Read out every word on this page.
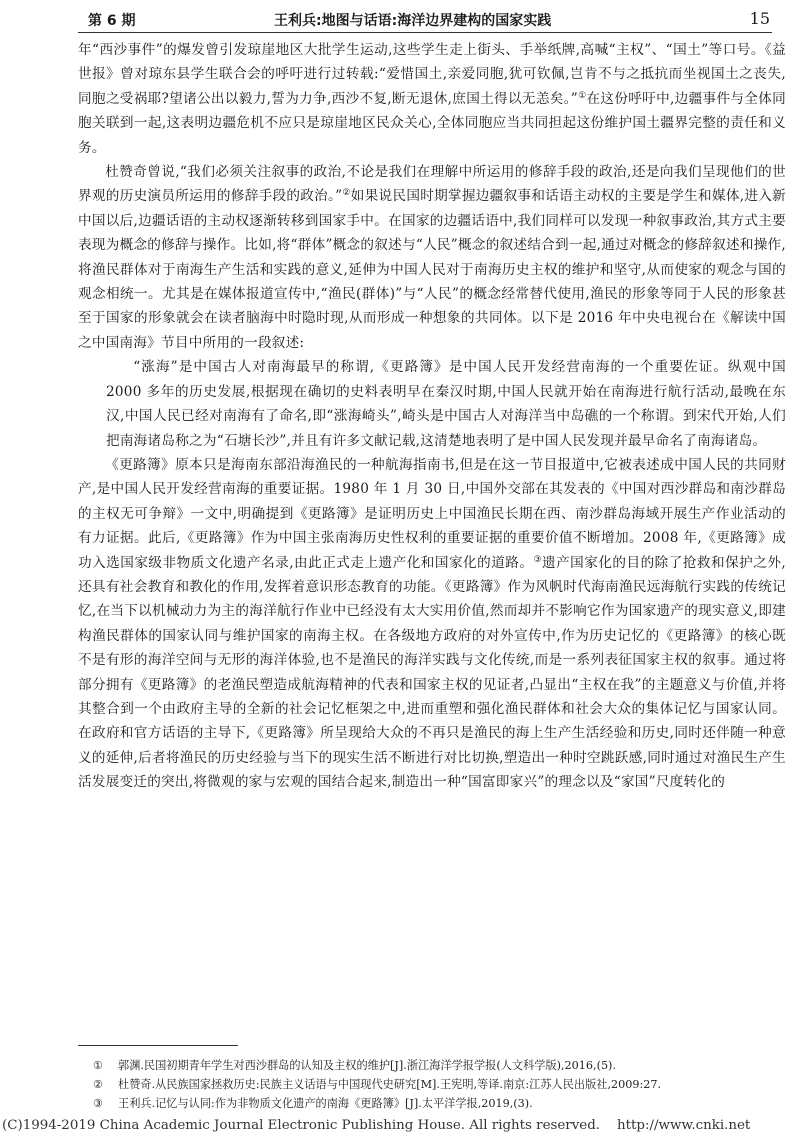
第 6 期	王利兵:地图与话语:海洋边界建构的国家实践	15

年“西沙事件”的爆发曾引发琼崖地区大批学生运动,这些学生走上街头、手举纸牌,高喊“主权”、“国土”等口号。《益世报》曾对琼东县学生联合会的呼吁进行过转载:“爱惜国土,亲爱同胞,犹可钦佩,岂肯不与之抵抗而坐视国土之丧失,同胞之受祸耶?望诸公出以毅力,誓为力争,西沙不复,断无退休,庶国土得以无恙矣。”①在这份呼吁中,边疆事件与全体同胞关联到一起,这表明边疆危机不应只是琼崖地区民众关心,全体同胞应当共同担起这份维护国土疆界完整的责任和义务。

杜赞奇曾说,“我们必须关注叙事的政治,不论是我们在理解中所运用的修辞手段的政治,还是向我们呈现他们的世界观的历史演员所运用的修辞手段的政治。”②如果说民国时期掌握边疆叙事和话语主动权的主要是学生和媒体,进入新中国以后,边疆话语的主动权逐渐转移到国家手中。在国家的边疆话语中,我们同样可以发现一种叙事政治,其方式主要表现为概念的修辞与操作。比如,将“群体”概念的叙述与“人民”概念的叙述结合到一起,通过对概念的修辞叙述和操作,将渔民群体对于南海生产生活和实践的意义,延伸为中国人民对于南海历史主权的维护和坚守,从而使家的观念与国的观念相统一。尤其是在媒体报道宣传中,“渔民(群体)”与“人民”的概念经常替代使用,渔民的形象等同于人民的形象甚至于国家的形象就会在读者脑海中时隐时现,从而形成一种想象的共同体。以下是 2016 年中央电视台在《解读中国之中国南海》节目中所用的一段叙述:

“涨海”是中国古人对南海最早的称谓,《更路簿》是中国人民开发经营南海的一个重要佐证。纵观中国 2000 多年的历史发展,根据现在确切的史料表明早在秦汉时期,中国人民就开始在南海进行航行活动,最晚在东汉,中国人民已经对南海有了命名,即“涨海崎头”,崎头是中国古人对海洋当中岛礁的一个称谓。到宋代开始,人们把南海诸岛称之为“石塘长沙”,并且有许多文献记载,这清楚地表明了是中国人民发现并最早命名了南海诸岛。

《更路簿》原本只是海南东部沿海渔民的一种航海指南书,但是在这一节目报道中,它被表述成中国人民的共同财产,是中国人民开发经营南海的重要证据。1980 年 1 月 30 日,中国外交部在其发表的《中国对西沙群岛和南沙群岛的主权无可争辩》一文中,明确提到《更路簿》是证明历史上中国渔民长期在西、南沙群岛海域开展生产作业活动的有力证据。此后,《更路簿》作为中国主张南海历史性权利的重要证据的重要价值不断增加。2008 年,《更路簿》成功入选国家级非物质文化遗产名录,由此正式走上遗产化和国家化的道路。③遗产国家化的目的除了抢救和保护之外,还具有社会教育和教化的作用,发挥着意识形态教育的功能。《更路簿》作为风帆时代海南渔民远海航行实践的传统记忆,在当下以机械动力为主的海洋航行作业中已经没有太大实用价值,然而却并不影响它作为国家遗产的现实意义,即建构渔民群体的国家认同与维护国家的南海主权。在各级地方政府的对外宣传中,作为历史记忆的《更路簿》的核心既不是有形的海洋空间与无形的海洋体验,也不是渔民的海洋实践与文化传统,而是一系列表征国家主权的叙事。通过将部分拥有《更路簿》的老渔民塑造成航海精神的代表和国家主权的见证者,凸显出“主权在我”的主题意义与价值,并将其整合到一个由政府主导的全新的社会记忆框架之中,进而重塑和强化渔民群体和社会大众的集体记忆与国家认同。在政府和官方话语的主导下,《更路簿》所呈现给大众的不再只是渔民的海上生产生活经验和历史,同时还伴随一种意义的延伸,后者将渔民的历史经验与当下的现实生活不断进行对比切换,塑造出一种时空跳跃感,同时通过对渔民生产生活发展变迁的突出,将微观的家与宏观的国结合起来,制造出一种“国富即家兴”的理念以及“家国”尺度转化的

①	郭渊.民国初期青年学生对西沙群岛的认知及主权的维护[J].浙江海洋学报学报(人文科学版),2016,(5).
②	杜赞奇.从民族国家拯救历史:民族主义话语与中国现代史研究[M].王宪明,等译.南京:江苏人民出版社,2009:27.
③	王利兵.记忆与认同:作为非物质文化遗产的南海《更路簿》[J].太平洋学报,2019,(3).
(C)1994-2019 China Academic Journal Electronic Publishing House. All rights reserved.    http://www.cnki.net
